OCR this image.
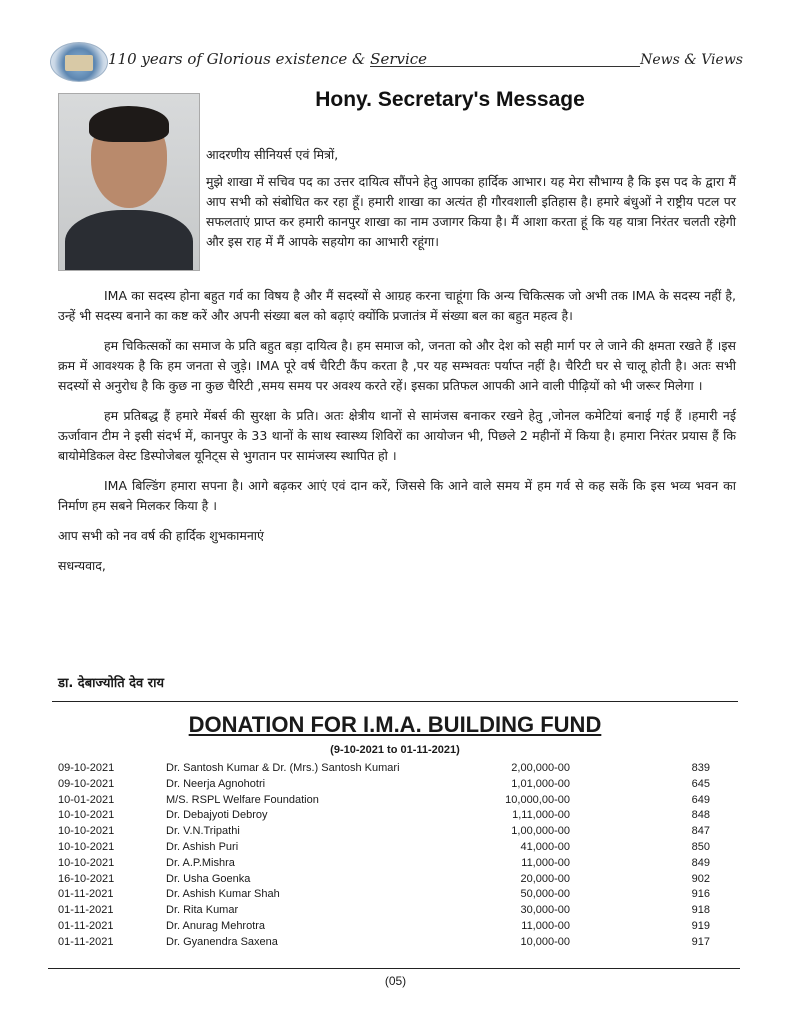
110 years of Glorious existence & Service	News & Views
Hony. Secretary's Message

आदरणीय सीनियर्स एवं मित्रों,

मुझे शाखा में सचिव पद का उत्तर दायित्व सौंपने हेतु आपका हार्दिक आभार। यह मेरा सौभाग्य है कि इस पद के द्वारा मैं आप सभी को संबोधित कर रहा हूँ। हमारी शाखा का अत्यंत ही गौरवशाली इतिहास है। हमारे बंधुओं ने राष्ट्रीय पटल पर सफलताएं प्राप्त कर हमारी कानपुर शाखा का नाम उजागर किया है। मैं आशा करता हूं कि यह यात्रा निरंतर चलती रहेगी और इस राह में मैं आपके सहयोग का आभारी रहूंगा।

IMA का सदस्य होना बहुत गर्व का विषय है और मैं सदस्यों से आग्रह करना चाहूंगा कि अन्य चिकित्सक जो अभी तक IMA के सदस्य नहीं है, उन्हें भी सदस्य बनाने का कष्ट करें और अपनी संख्या बल को बढ़ाएं क्योंकि प्रजातंत्र में संख्या बल का बहुत महत्व है।

हम चिकित्सकों का समाज के प्रति बहुत बड़ा दायित्व है। हम समाज को, जनता को और देश को सही मार्ग पर ले जाने की क्षमता रखते हैं ।इस क्रम में आवश्यक है कि हम जनता से जुड़े। IMA पूरे वर्ष चैरिटी कैंप करता है ,पर यह सम्भवतः पर्याप्त नहीं है। चैरिटी घर से चालू होती है। अतः सभी सदस्यों से अनुरोध है कि कुछ ना कुछ चैरिटी ,समय समय पर अवश्य करते रहें। इसका प्रतिफल आपकी आने वाली पीढ़ियों को भी जरूर मिलेगा ।

हम प्रतिबद्ध हैं हमारे मेंबर्स की सुरक्षा के प्रति। अतः क्षेत्रीय थानों से सामंजस बनाकर रखने हेतु ,जोनल कमेटियां बनाई गई हैं ।हमारी नई ऊर्जावान टीम ने इसी संदर्भ में, कानपुर के 33 थानों के साथ स्वास्थ्य शिविरों का आयोजन भी, पिछले 2 महीनों में किया है। हमारा निरंतर प्रयास हैं कि बायोमेडिकल वेस्ट डिस्पोजेबल यूनिट्स से भुगतान पर सामंजस्य स्थापित हो ।

IMA बिल्डिंग हमारा सपना है। आगे बढ़कर आएं एवं दान करें, जिससे कि आने वाले समय में हम गर्व से कह सकें कि इस भव्य भवन का निर्माण हम सबने मिलकर किया है ।

आप सभी को नव वर्ष की हार्दिक शुभकामनाएं

सधन्यवाद,

डा. देबाज्योति देव राय
DONATION FOR I.M.A. BUILDING FUND
(9-10-2021 to 01-11-2021)
09-10-2021	Dr. Santosh Kumar & Dr. (Mrs.) Santosh Kumari	2,00,000-00	839
09-10-2021	Dr. Neerja Agnohotri	1,01,000-00	645
10-01-2021	M/S. RSPL Welfare Foundation	10,000,00-00	649
10-10-2021	Dr. Debajyoti Debroy	1,11,000-00	848
10-10-2021	Dr. V.N.Tripathi	1,00,000-00	847
10-10-2021	Dr. Ashish Puri	41,000-00	850
10-10-2021	Dr. A.P.Mishra	11,000-00	849
16-10-2021	Dr. Usha Goenka	20,000-00	902
01-11-2021	Dr. Ashish Kumar Shah	50,000-00	916
01-11-2021	Dr. Rita Kumar	30,000-00	918
01-11-2021	Dr. Anurag Mehrotra	11,000-00	919
01-11-2021	Dr. Gyanendra Saxena	10,000-00	917
(05)
